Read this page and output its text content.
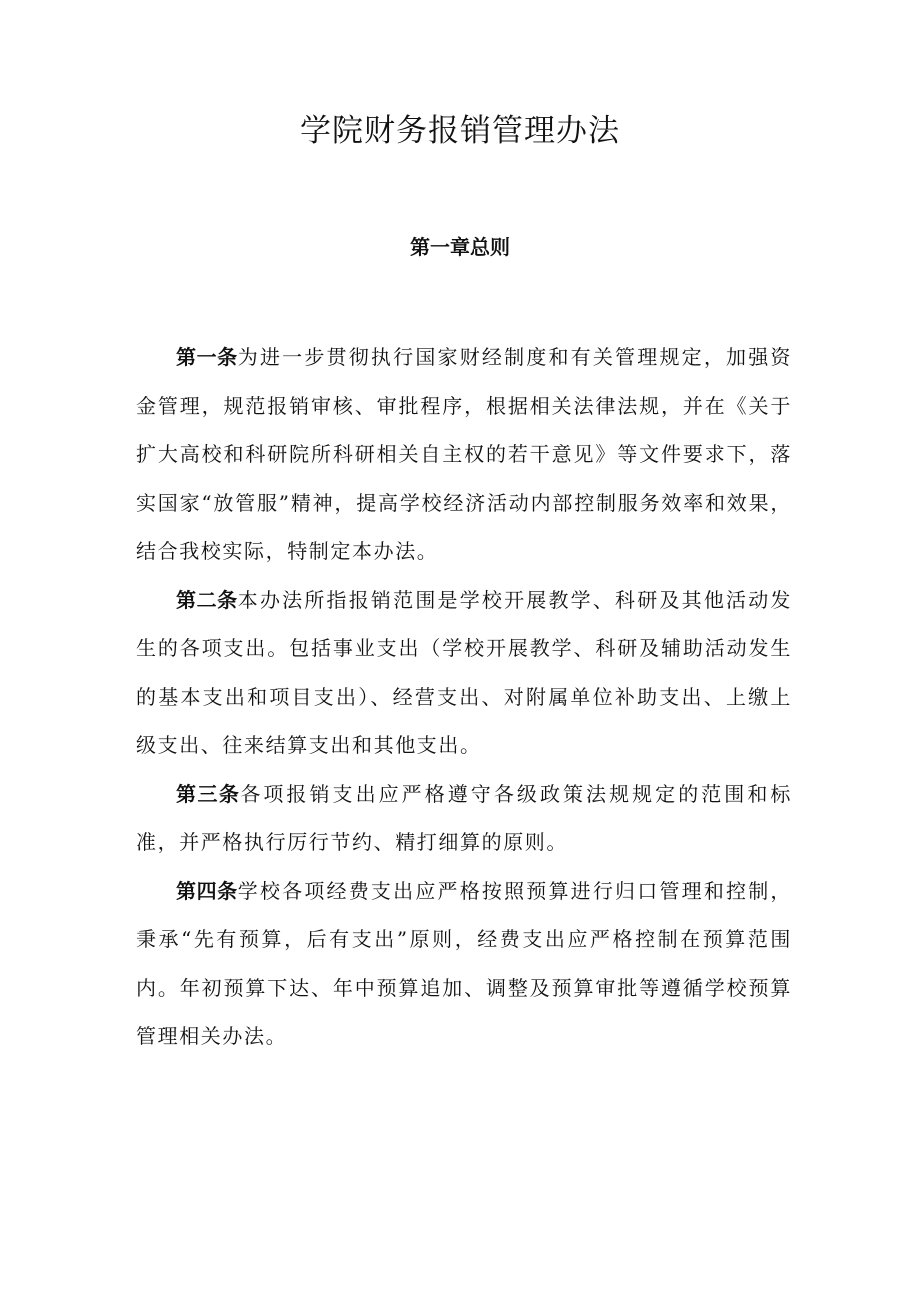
学院财务报销管理办法
第一章总则

第一条为进一步贯彻执行国家财经制度和有关管理规定，加强资金管理，规范报销审核、审批程序，根据相关法律法规，并在《关于扩大高校和科研院所科研相关自主权的若干意见》等文件要求下，落实国家“放管服”精神，提高学校经济活动内部控制服务效率和效果，结合我校实际，特制定本办法。

第二条本办法所指报销范围是学校开展教学、科研及其他活动发生的各项支出。包括事业支出（学校开展教学、科研及辅助活动发生的基本支出和项目支出）、经营支出、对附属单位补助支出、上缴上级支出、往来结算支出和其他支出。

第三条各项报销支出应严格遵守各级政策法规规定的范围和标准，并严格执行厉行节约、精打细算的原则。

第四条学校各项经费支出应严格按照预算进行归口管理和控制，秉承“先有预算，后有支出”原则，经费支出应严格控制在预算范围内。年初预算下达、年中预算追加、调整及预算审批等遵循学校预算管理相关办法。
